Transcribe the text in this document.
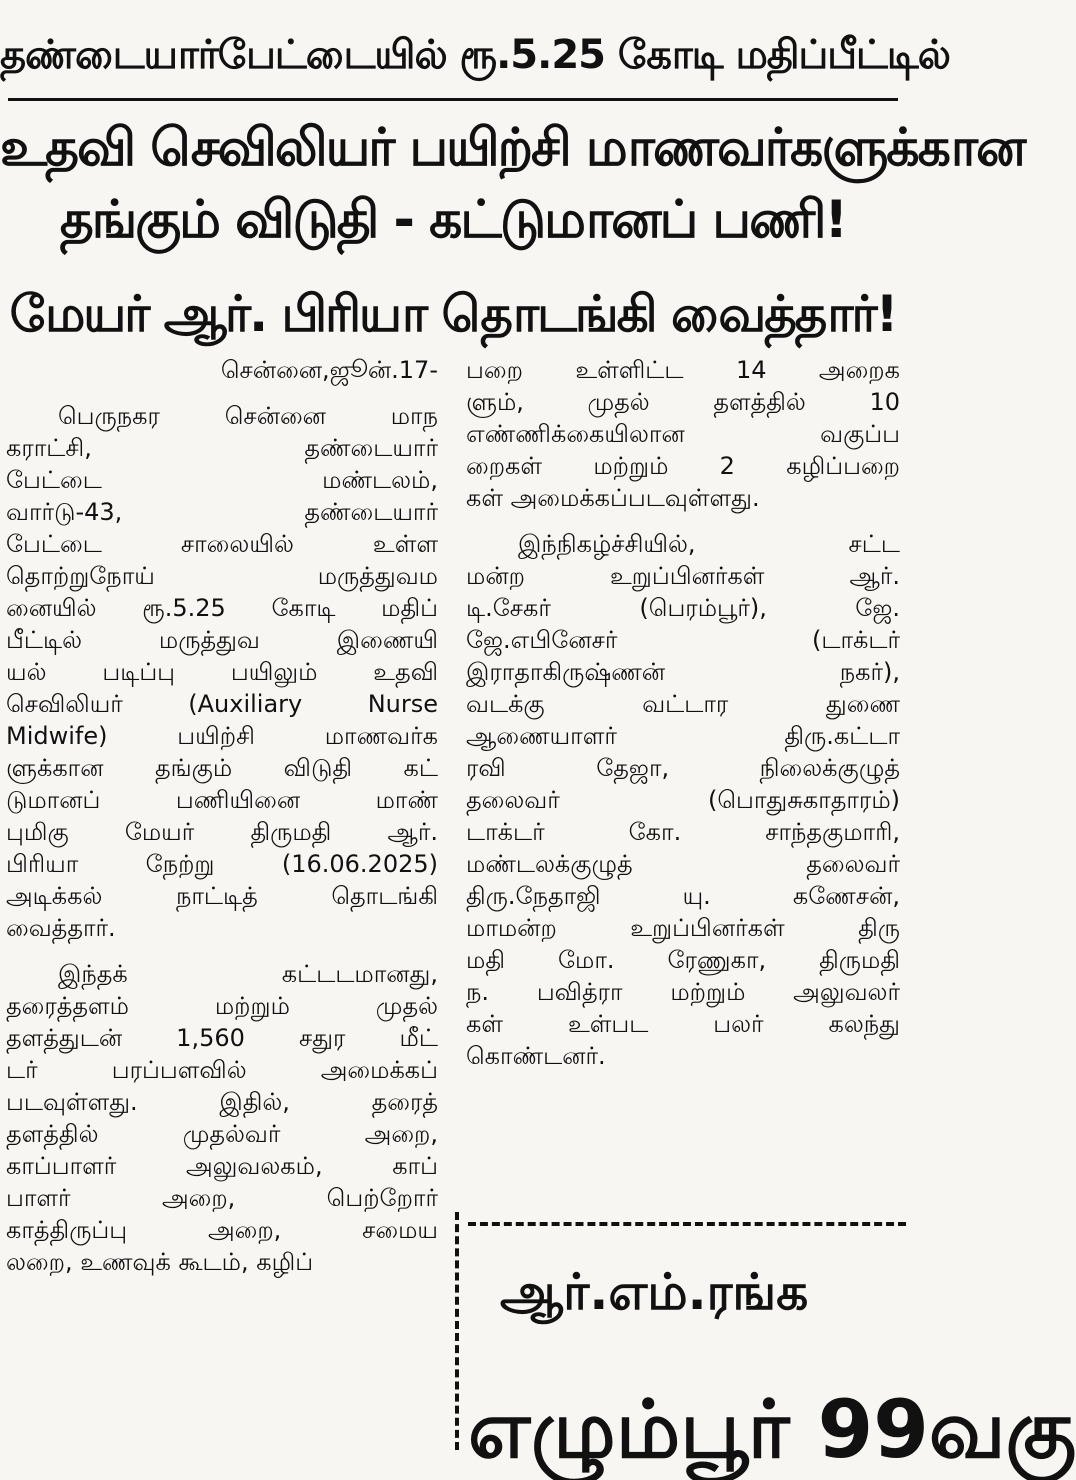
தண்டையார்பேட்டையில் ரூ.5.25 கோடி மதிப்பீட்டில்
உதவி செவிலியர் பயிற்சி மாணவர்களுக்கான
தங்கும் விடுதி - கட்டுமானப் பணி!
மேயர் ஆர். பிரியா தொடங்கி வைத்தார்!
சென்னை,ஜூன்.17-
பெருநகர சென்னை மாந
கராட்சி, தண்டையார்
பேட்டை மண்டலம்,
வார்டு-43, தண்டையார்
பேட்டை சாலையில் உள்ள
தொற்றுநோய் மருத்துவம
னையில் ரூ.5.25 கோடி மதிப்
பீட்டில் மருத்துவ இணையி
யல் படிப்பு பயிலும் உதவி
செவிலியர் (Auxiliary Nurse
Midwife) பயிற்சி மாணவர்க
ளுக்கான தங்கும் விடுதி கட்
டுமானப் பணியினை மாண்
புமிகு மேயர் திருமதி ஆர்.
பிரியா நேற்று (16.06.2025)
அடிக்கல் நாட்டித் தொடங்கி
வைத்தார்.
இந்தக் கட்டடமானது,
தரைத்தளம் மற்றும் முதல்
தளத்துடன் 1,560 சதுர மீட்
டர் பரப்பளவில் அமைக்கப்
படவுள்ளது. இதில், தரைத்
தளத்தில் முதல்வர் அறை,
காப்பாளர் அலுவலகம், காப்
பாளர் அறை, பெற்றோர்
காத்திருப்பு அறை, சமைய
லறை, உணவுக் கூடம், கழிப்
பறை உள்ளிட்ட 14 அறைக
ளும், முதல் தளத்தில் 10
எண்ணிக்கையிலான வகுப்ப
றைகள் மற்றும் 2 கழிப்பறை
கள் அமைக்கப்படவுள்ளது.
இந்நிகழ்ச்சியில், சட்ட
மன்ற உறுப்பினர்கள் ஆர்.
டி.சேகர் (பெரம்பூர்), ஜே.
ஜே.எபினேசர் (டாக்டர்
இராதாகிருஷ்ணன் நகர்),
வடக்கு வட்டார துணை
ஆணையாளர் திரு.கட்டா
ரவி தேஜா, நிலைக்குழுத்
தலைவர் (பொதுசுகாதாரம்)
டாக்டர் கோ. சாந்தகுமாரி,
மண்டலக்குழுத் தலைவர்
திரு.நேதாஜி யு. கணேசன்,
மாமன்ற உறுப்பினர்கள் திரு
மதி மோ. ரேணுகா, திருமதி
ந. பவித்ரா மற்றும் அலுவலர்
கள் உள்பட பலர் கலந்து
கொண்டனர்.
ஆர்.எம்.ரங்க
எழும்பூர் 99வகு
